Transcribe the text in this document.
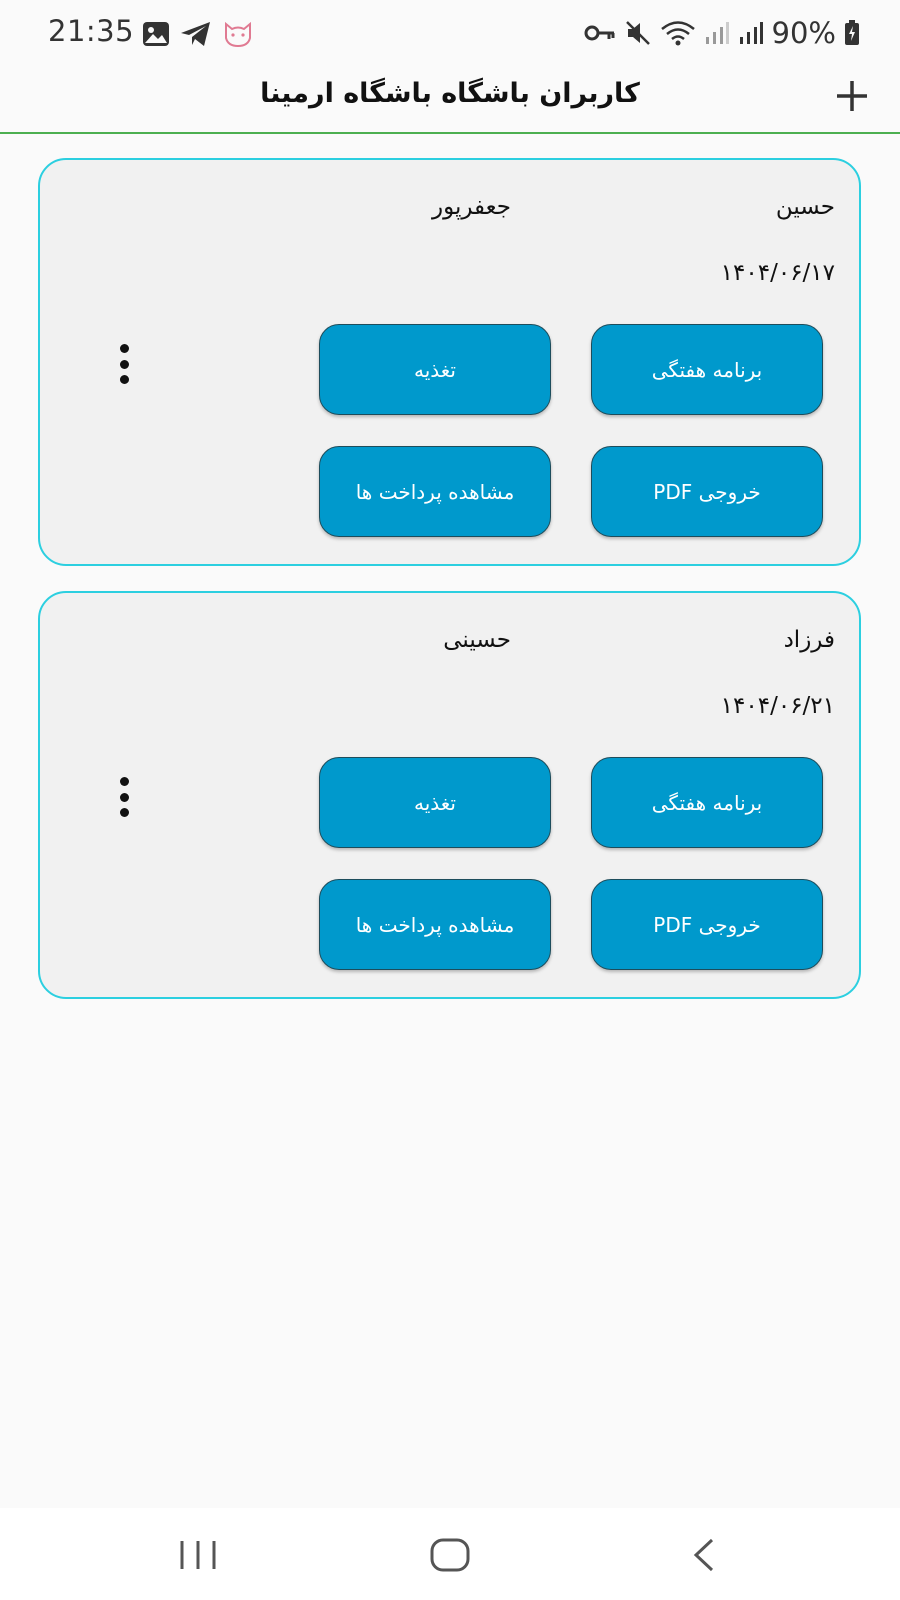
21:35	90%
کاربران باشگاه باشگاه ارمینا
حسین
جعفرپور
۱۴۰۴/۰۶/۱۷
برنامه هفتگی
تغذیه
خروجی PDF
مشاهده پرداخت ها
فرزاد
حسینی
۱۴۰۴/۰۶/۲۱
برنامه هفتگی
تغذیه
خروجی PDF
مشاهده پرداخت ها
